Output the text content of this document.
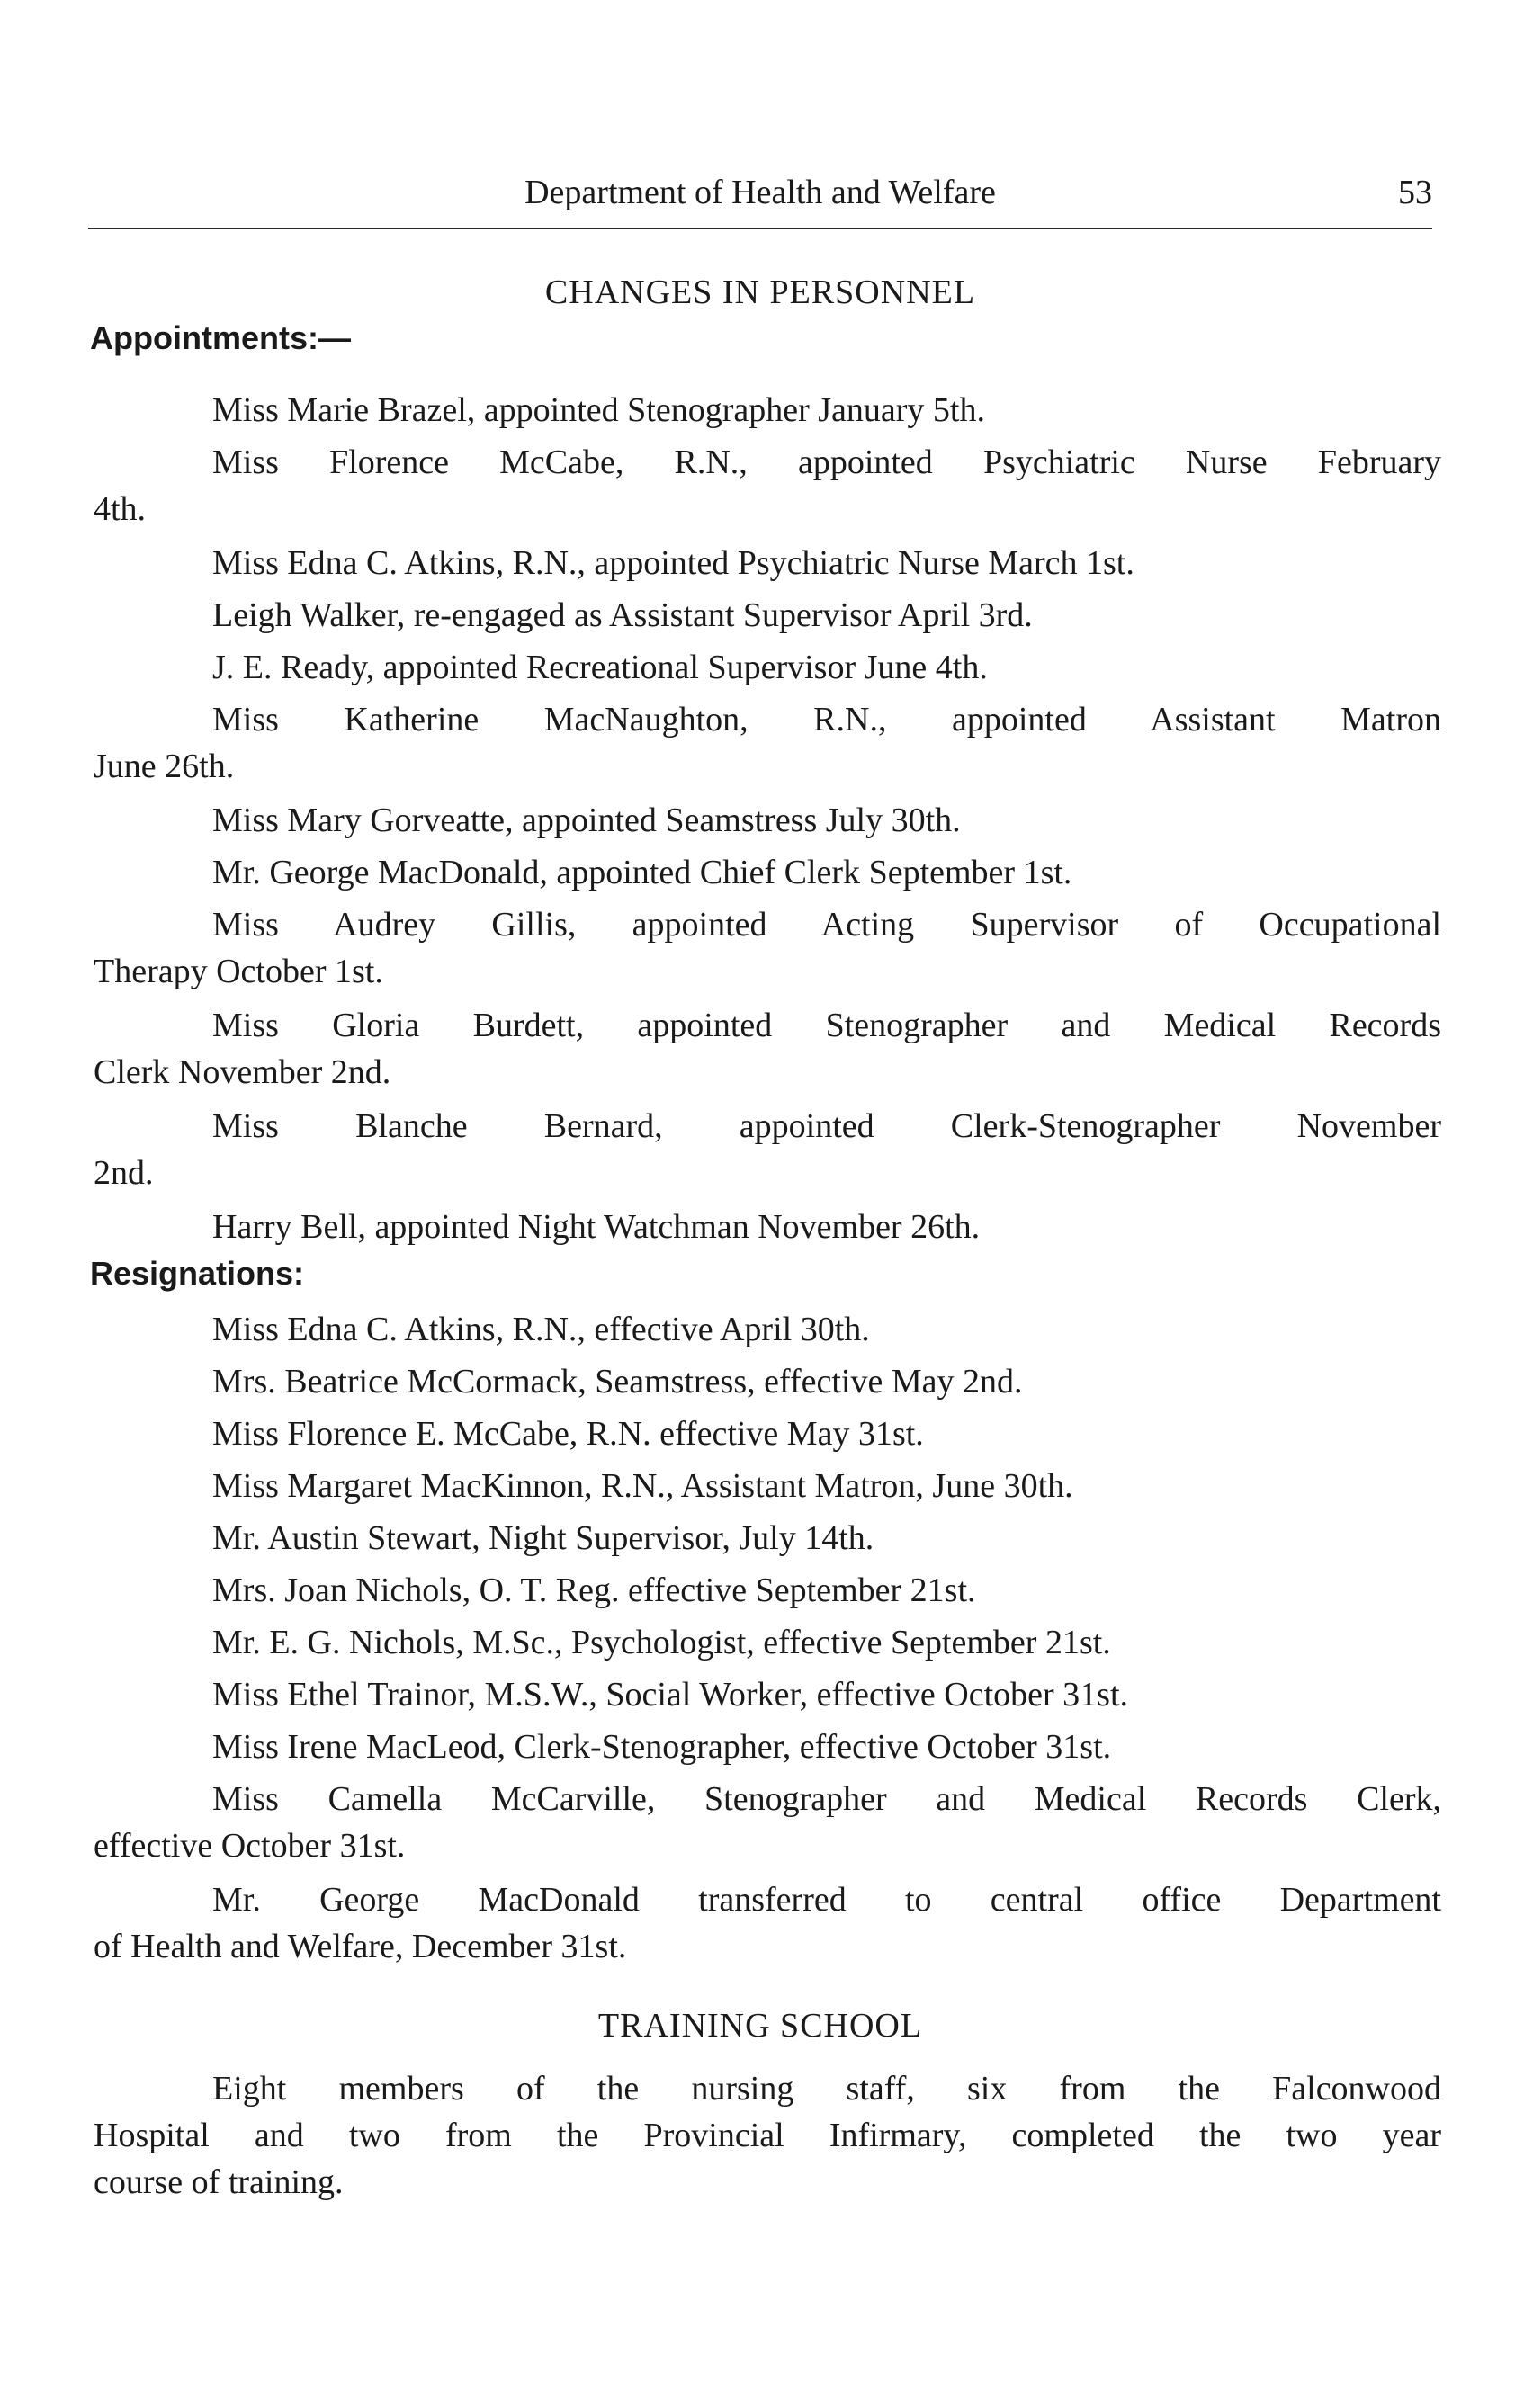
Department of Health and Welfare	53
CHANGES IN PERSONNEL
Appointments:—
Miss Marie Brazel, appointed Stenographer January 5th.
Miss Florence McCabe, R.N., appointed Psychiatric Nurse February
4th.
Miss Edna C. Atkins, R.N., appointed Psychiatric Nurse March 1st.
Leigh Walker, re-engaged as Assistant Supervisor April 3rd.
J. E. Ready, appointed Recreational Supervisor June 4th.
Miss Katherine MacNaughton, R.N., appointed Assistant Matron
June 26th.
Miss Mary Gorveatte, appointed Seamstress July 30th.
Mr. George MacDonald, appointed Chief Clerk September 1st.
Miss Audrey Gillis, appointed Acting Supervisor of Occupational
Therapy October 1st.
Miss Gloria Burdett, appointed Stenographer and Medical Records
Clerk November 2nd.
Miss Blanche Bernard, appointed Clerk-Stenographer November
2nd.
Harry Bell, appointed Night Watchman November 26th.
Resignations:
Miss Edna C. Atkins, R.N., effective April 30th.
Mrs. Beatrice McCormack, Seamstress, effective May 2nd.
Miss Florence E. McCabe, R.N. effective May 31st.
Miss Margaret MacKinnon, R.N., Assistant Matron, June 30th.
Mr. Austin Stewart, Night Supervisor, July 14th.
Mrs. Joan Nichols, O. T. Reg. effective September 21st.
Mr. E. G. Nichols, M.Sc., Psychologist, effective September 21st.
Miss Ethel Trainor, M.S.W., Social Worker, effective October 31st.
Miss Irene MacLeod, Clerk-Stenographer, effective October 31st.
Miss Camella McCarville, Stenographer and Medical Records Clerk,
effective October 31st.
Mr. George MacDonald transferred to central office Department
of Health and Welfare, December 31st.
TRAINING SCHOOL
Eight members of the nursing staff, six from the Falconwood
Hospital and two from the Provincial Infirmary, completed the two year
course of training.
